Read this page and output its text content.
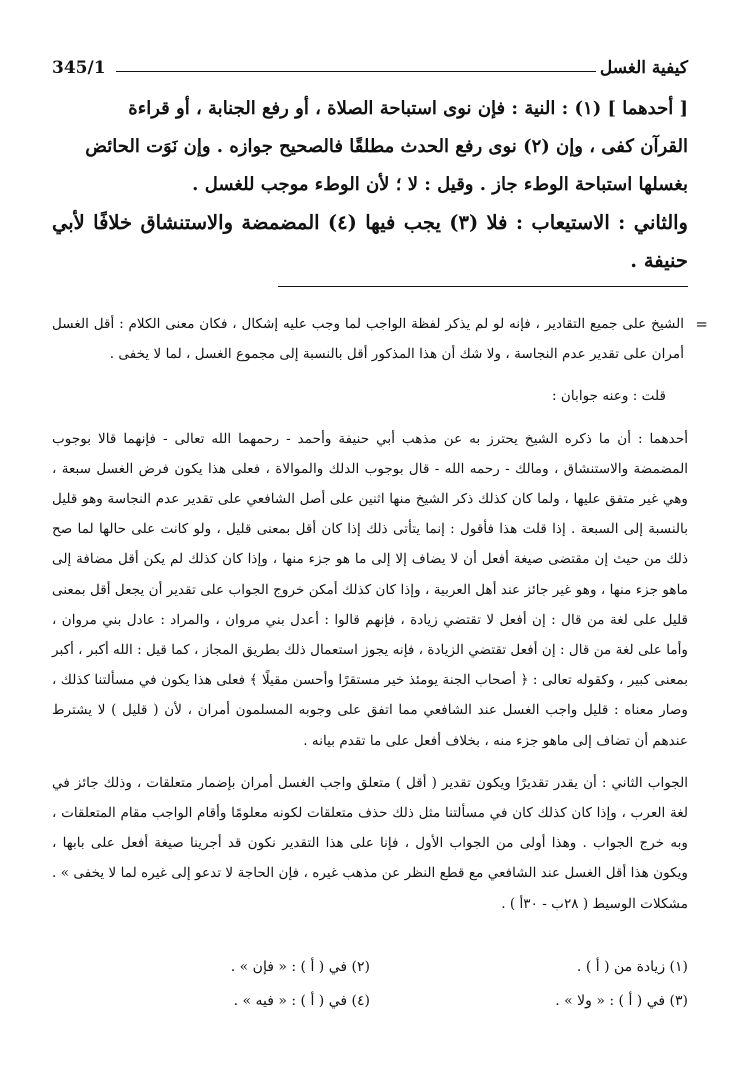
كيفية الغسل
345/1

[ أحدهما ] (١) : النية : فإن نوى استباحة الصلاة ، أو رفع الجنابة ، أو قراءة

القرآن كفى ، وإن (٢) نوى رفع الحدث مطلقًا فالصحيح جوازه . وإن نَوَت الحائض

بغسلها استباحة الوطء جاز . وقيل : لا ؛ لأن الوطء موجب للغسل .

والثاني : الاستيعاب : فلا (٣) يجب فيها (٤) المضمضة والاستنشاق خلافًا لأبي حنيفة .

=
الشيخ على جميع التقادير ، فإنه لو لم يذكر لفظة الواجب لما وجب عليه إشكال ، فكان معنى الكلام : أقل الغسل أمران على تقدير عدم النجاسة ، ولا شك أن هذا المذكور أقل بالنسبة إلى مجموع الغسل ، لما لا يخفى .

قلت : وعنه جوابان :

أحدهما : أن ما ذكره الشيخ يحترز به عن مذهب أبي حنيفة وأحمد - رحمهما الله تعالى - فإنهما قالا بوجوب المضمضة والاستنشاق ، ومالك - رحمه الله - قال بوجوب الدلك والموالاة ، فعلى هذا يكون فرض الغسل سبعة ، وهي غير متفق عليها ، ولما كان كذلك ذكر الشيخ منها اثنين على أصل الشافعي على تقدير عدم النجاسة وهو قليل بالنسبة إلى السبعة . إذا قلت هذا فأقول : إنما يتأتى ذلك إذا كان أقل بمعنى قليل ، ولو كانت على حالها لما صح ذلك من حيث إن مقتضى صيغة أفعل أن لا يضاف إلا إلى ما هو جزء منها ، وإذا كان كذلك لم يكن أقل مضافة إلى ماهو جزء منها ، وهو غير جائز عند أهل العربية ، وإذا كان كذلك أمكن خروج الجواب على تقدير أن يجعل أقل بمعنى قليل على لغة من قال : إن أفعل لا تقتضي زيادة ، فإنهم قالوا : أعدل بني مروان ، والمراد : عادل بني مروان ، وأما على لغة من قال : إن أفعل تقتضي الزيادة ، فإنه يجوز استعمال ذلك بطريق المجاز ، كما قيل : الله أكبر ، أكبر بمعنى كبير ، وكقوله تعالى : ﴿ أصحاب الجنة يومئذ خير مستقرًا وأحسن مقيلًا ﴾ فعلى هذا يكون في مسألتنا كذلك ، وصار معناه : قليل واجب الغسل عند الشافعي مما اتفق على وجوبه المسلمون أمران ، لأن ( قليل ) لا يشترط عندهم أن تضاف إلى ماهو جزء منه ، بخلاف أفعل على ما تقدم بيانه .

الجواب الثاني : أن يقدر تقديرًا ويكون تقدير ( أقل ) متعلق واجب الغسل أمران بإضمار متعلقات ، وذلك جائز في لغة العرب ، وإذا كان كذلك كان في مسألتنا مثل ذلك حذف متعلقات لكونه معلومًا وأقام الواجب مقام المتعلقات ، وبه خرج الجواب . وهذا أولى من الجواب الأول ، فإنا على هذا التقدير نكون قد أجرينا صيغة أفعل على بابها ، ويكون هذا أقل الغسل عند الشافعي مع قطع النظر عن مذهب غيره ، فإن الحاجة لا تدعو إلى غيره لما لا يخفى » . مشكلات الوسيط ( ٢٨ب - ٣٠أ ) .

(١) زيادة من ( أ ) .
(٢) في ( أ ) : « فإن » .
(٣) في ( أ ) : « ولا » .
(٤) في ( أ ) : « فيه » .
